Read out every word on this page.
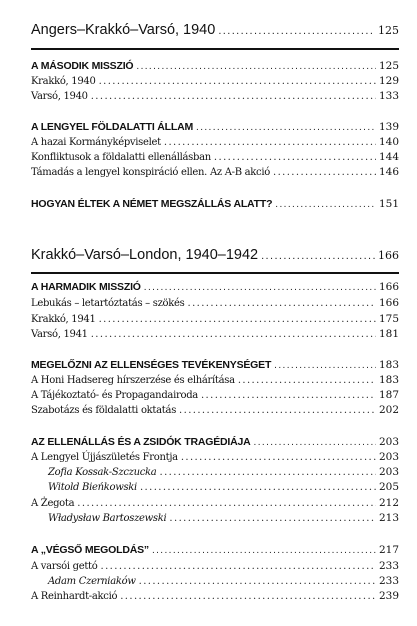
Angers–Krakkó–Varsó, 1940 .....	125
A MÁSODIK MISSZIÓ .....	125
Krakkó, 1940 .....	129
Varsó, 1940 .....	133
A LENGYEL FÖLDALATTI ÁLLAM .....	139
A hazai Kormányképviselet .....	140
Konfliktusok a földalatti ellenállásban .....	144
Támadás a lengyel konspiráció ellen. Az A-B akció .....	146
HOGYAN ÉLTEK A NÉMET MEGSZÁLLÁS ALATT? .....	151
Krakkó–Varsó–London, 1940–1942 .....	166
A HARMADIK MISSZIÓ .....	166
Lebukás – letartóztatás – szökés .....	166
Krakkó, 1941 .....	175
Varsó, 1941 .....	181
MEGELŐZNI AZ ELLENSÉGES TEVÉKENYSÉGET .....	183
A Honi Hadsereg hírszerzése és elhárítása .....	183
A Tájékoztató- és Propagandairoda .....	187
Szabotázs és földalatti oktatás .....	202
AZ ELLENÁLLÁS ÉS A ZSIDÓK TRAGÉDIÁJA .....	203
A Lengyel Újjászületés Frontja .....	203
Zofia Kossak-Szczucka .....	203
Witold Bieńkowski .....	205
A Żegota .....	212
Władysław Bartoszewski .....	213
A „VÉGSŐ MEGOLDÁS” .....	217
A varsói gettó .....	233
Adam Czerniaków .....	233
A Reinhardt-akció .....	239
